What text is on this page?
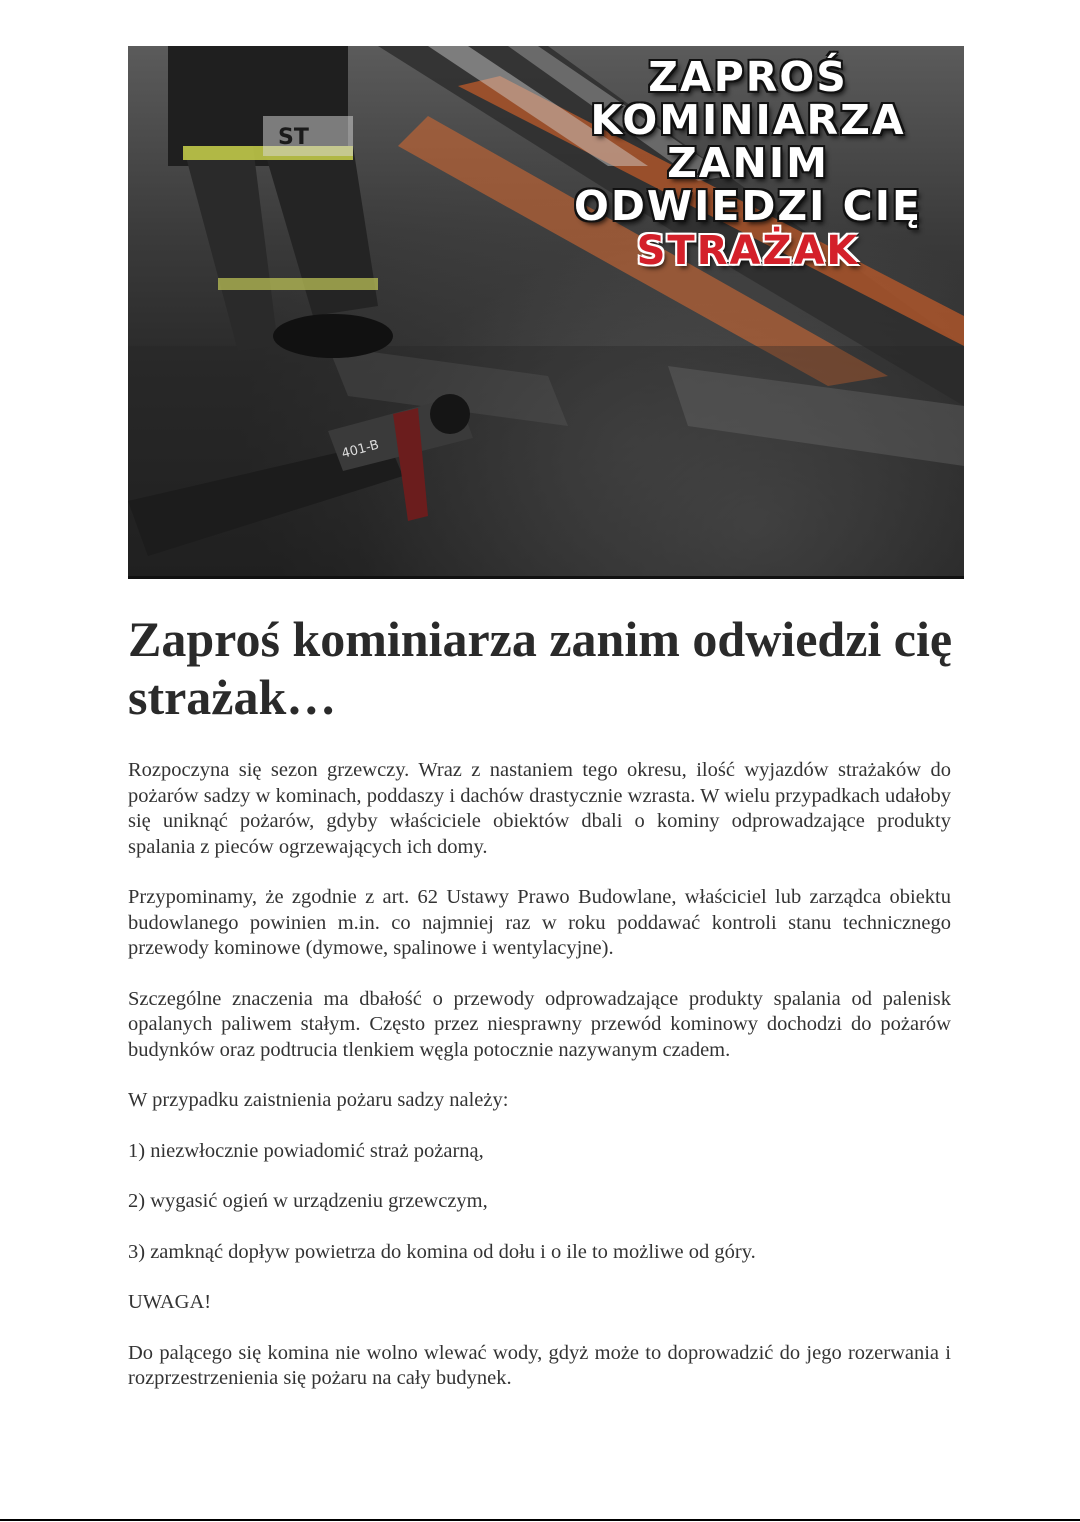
ST
401-B
ZAPROŚ
KOMINIARZA
ZANIM
ODWIEDZI CIĘ
STRAŻAK
Zaproś kominiarza zanim odwiedzi cię strażak…

Rozpoczyna się sezon grzewczy. Wraz z nastaniem tego okresu, ilość wyjazdów strażaków do pożarów sadzy w kominach, poddaszy i dachów drastycznie wzrasta. W wielu przypadkach udałoby się uniknąć pożarów, gdyby właściciele obiektów dbali o kominy odprowadzające produkty spalania z pieców ogrzewających ich domy.

Przypominamy, że zgodnie z art. 62 Ustawy Prawo Budowlane, właściciel lub zarządca obiektu budowlanego powinien m.in. co najmniej raz w roku poddawać kontroli stanu technicznego przewody kominowe (dymowe, spalinowe i wentylacyjne).

Szczególne znaczenia ma dbałość o przewody odprowadzające produkty spalania od palenisk opalanych paliwem stałym. Często przez niesprawny przewód kominowy dochodzi do pożarów budynków oraz podtrucia tlenkiem węgla potocznie nazywanym czadem.

W przypadku zaistnienia pożaru sadzy należy:

1) niezwłocznie powiadomić straż pożarną,

2) wygasić ogień w urządzeniu grzewczym,

3) zamknąć dopływ powietrza do komina od dołu i o ile to możliwe od góry.

UWAGA!

Do palącego się komina nie wolno wlewać wody, gdyż może to doprowadzić do jego rozerwania i rozprzestrzenienia się pożaru na cały budynek.
